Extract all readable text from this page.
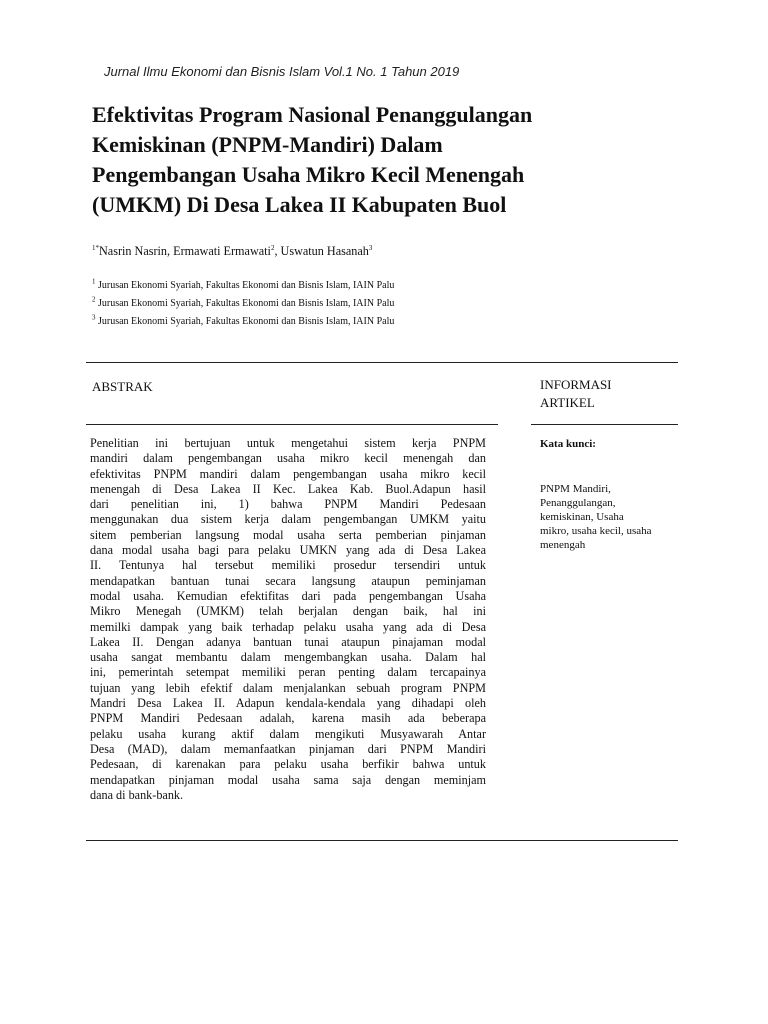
Jurnal Ilmu Ekonomi dan Bisnis Islam Vol.1 No. 1 Tahun 2019
Efektivitas Program Nasional Penanggulangan
Kemiskinan (PNPM-Mandiri) Dalam
Pengembangan Usaha Mikro Kecil Menengah
(UMKM) Di Desa Lakea II Kabupaten Buol
$^{1*}$Nasrin Nasrin, Ermawati Ermawati$^2$, Uswatun Hasanah$^3$
$^1$ Jurusan Ekonomi Syariah, Fakultas Ekonomi dan Bisnis Islam, IAIN Palu
$^2$ Jurusan Ekonomi Syariah, Fakultas Ekonomi dan Bisnis Islam, IAIN Palu
$^3$ Jurusan Ekonomi Syariah, Fakultas Ekonomi dan Bisnis Islam, IAIN Palu
ABSTRAK	INFORMASI
ARTIKEL
Kata kunci:
PNPM Mandiri,
Penanggulangan,
kemiskinan, Usaha
mikro, usaha kecil, usaha
menengah
Penelitian ini bertujuan untuk mengetahui sistem kerja PNPM
mandiri dalam pengembangan usaha mikro kecil menengah dan
efektivitas PNPM mandiri dalam pengembangan usaha mikro kecil
menengah di Desa Lakea II Kec. Lakea Kab. Buol.Adapun hasil
dari penelitian ini, 1) bahwa PNPM Mandiri Pedesaan
menggunakan dua sistem kerja dalam pengembangan UMKM yaitu
sitem pemberian langsung modal usaha serta pemberian pinjaman
dana modal usaha bagi para pelaku UMKN yang ada di Desa Lakea
II. Tentunya hal tersebut memiliki prosedur tersendiri untuk
mendapatkan bantuan tunai secara langsung ataupun peminjaman
modal usaha. Kemudian efektifitas dari pada pengembangan Usaha
Mikro Menegah (UMKM) telah berjalan dengan baik, hal ini
memilki dampak yang baik terhadap pelaku usaha yang ada di Desa
Lakea II. Dengan adanya bantuan tunai ataupun pinajaman modal
usaha sangat membantu dalam mengembangkan usaha. Dalam hal
ini, pemerintah setempat memiliki peran penting dalam tercapainya
tujuan yang lebih efektif dalam menjalankan sebuah program PNPM
Mandri Desa Lakea II. Adapun kendala-kendala yang dihadapi oleh
PNPM Mandiri Pedesaan adalah, karena masih ada beberapa
pelaku usaha kurang aktif dalam mengikuti Musyawarah Antar
Desa (MAD), dalam memanfaatkan pinjaman dari PNPM Mandiri
Pedesaan, di karenakan para pelaku usaha berfikir bahwa untuk
mendapatkan pinjaman modal usaha sama saja dengan meminjam
dana di bank-bank.
